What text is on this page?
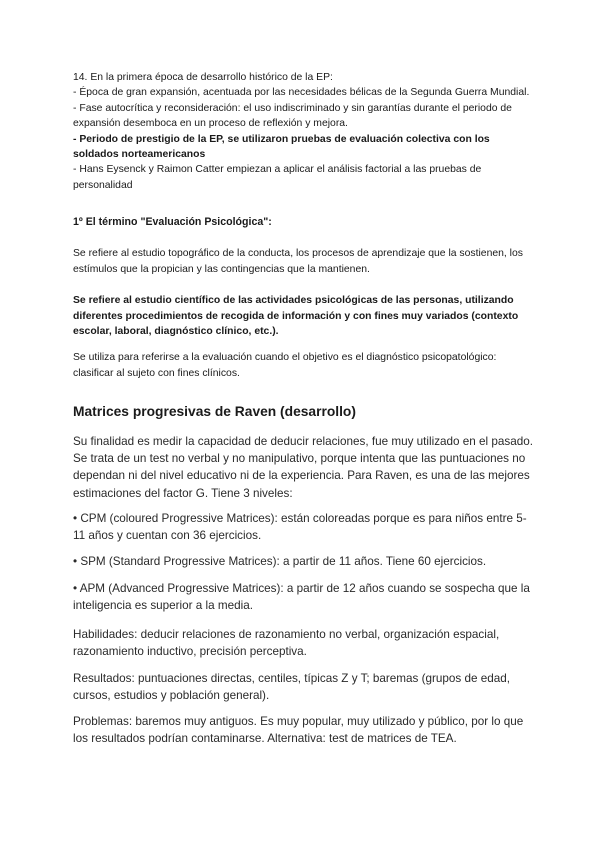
14. En la primera época de desarrollo histórico de la EP:

- Época de gran expansión, acentuada por las necesidades bélicas de la Segunda Guerra Mundial.

- Fase autocrítica y reconsideración: el uso indiscriminado y sin garantías durante el periodo de expansión desemboca en un proceso de reflexión y mejora.

- Periodo de prestigio de la EP, se utilizaron pruebas de evaluación colectiva con los soldados norteamericanos

- Hans Eysenck y Raimon Catter empiezan a aplicar el análisis factorial a las pruebas de personalidad

1º El término "Evaluación Psicológica":

Se refiere al estudio topográfico de la conducta, los procesos de aprendizaje que la sostienen, los estímulos que la propician y las contingencias que la mantienen.

Se refiere al estudio científico de las actividades psicológicas de las personas, utilizando diferentes procedimientos de recogida de información y con fines muy variados (contexto escolar, laboral, diagnóstico clínico, etc.).

Se utiliza para referirse a la evaluación cuando el objetivo es el diagnóstico psicopatológico: clasificar al sujeto con fines clínicos.

Matrices progresivas de Raven (desarrollo)

Su finalidad es medir la capacidad de deducir relaciones, fue muy utilizado en el pasado. Se trata de un test no verbal y no manipulativo, porque intenta que las puntuaciones no dependan ni del nivel educativo ni de la experiencia. Para Raven, es una de las mejores estimaciones del factor G. Tiene 3 niveles:

• CPM (coloured Progressive Matrices): están coloreadas porque es para niños entre 5-11 años y cuentan con 36 ejercicios.

• SPM (Standard Progressive Matrices): a partir de 11 años. Tiene 60 ejercicios.

• APM (Advanced Progressive Matrices): a partir de 12 años cuando se sospecha que la inteligencia es superior a la media.

Habilidades: deducir relaciones de razonamiento no verbal, organización espacial, razonamiento inductivo, precisión perceptiva.

Resultados: puntuaciones directas, centiles, típicas Z y T; baremas (grupos de edad, cursos, estudios y población general).

Problemas: baremos muy antiguos. Es muy popular, muy utilizado y público, por lo que los resultados podrían contaminarse. Alternativa: test de matrices de TEA.
